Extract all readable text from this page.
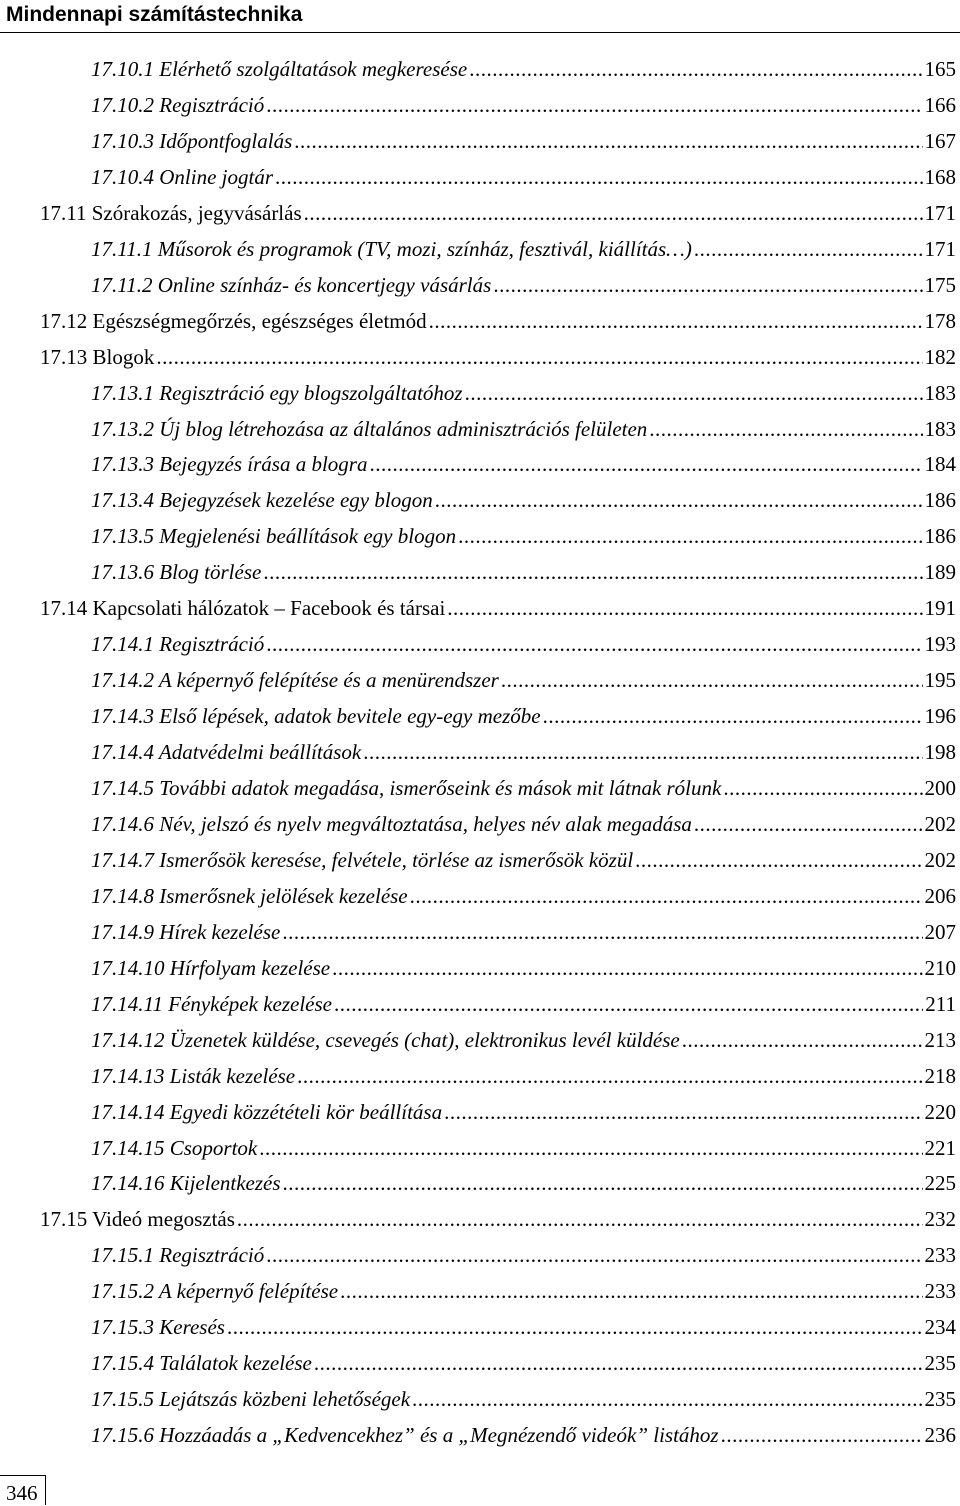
Mindennapi számítástechnika
17.10.1 Elérhető szolgáltatások megkeresése .....	165
17.10.2 Regisztráció .....	166
17.10.3 Időpontfoglalás .....	167
17.10.4 Online jogtár .....	168
17.11 Szórakozás, jegyvásárlás .....	171
17.11.1 Műsorok és programok (TV, mozi, színház, fesztivál, kiállítás…) .....	171
17.11.2 Online színház- és koncertjegy vásárlás .....	175
17.12 Egészségmegőrzés, egészséges életmód .....	178
17.13 Blogok .....	182
17.13.1 Regisztráció egy blogszolgáltatóhoz .....	183
17.13.2 Új blog létrehozása az általános adminisztrációs felületen .....	183
17.13.3 Bejegyzés írása a blogra .....	184
17.13.4 Bejegyzések kezelése egy blogon .....	186
17.13.5 Megjelenési beállítások egy blogon .....	186
17.13.6 Blog törlése .....	189
17.14 Kapcsolati hálózatok – Facebook és társai .....	191
17.14.1 Regisztráció .....	193
17.14.2 A képernyő felépítése és a menürendszer .....	195
17.14.3 Első lépések, adatok bevitele egy-egy mezőbe .....	196
17.14.4 Adatvédelmi beállítások .....	198
17.14.5 További adatok megadása, ismerőseink és mások mit látnak rólunk .....	200
17.14.6 Név, jelszó és nyelv megváltoztatása, helyes név alak megadása .....	202
17.14.7 Ismerősök keresése, felvétele, törlése az ismerősök közül .....	202
17.14.8 Ismerősnek jelölések kezelése .....	206
17.14.9 Hírek kezelése .....	207
17.14.10 Hírfolyam kezelése .....	210
17.14.11 Fényképek kezelése .....	211
17.14.12 Üzenetek küldése, csevegés (chat), elektronikus levél küldése .....	213
17.14.13 Listák kezelése .....	218
17.14.14 Egyedi közzétételi kör beállítása .....	220
17.14.15 Csoportok .....	221
17.14.16 Kijelentkezés .....	225
17.15 Videó megosztás .....	232
17.15.1 Regisztráció .....	233
17.15.2 A képernyő felépítése .....	233
17.15.3 Keresés .....	234
17.15.4 Találatok kezelése .....	235
17.15.5 Lejátszás közbeni lehetőségek .....	235
17.15.6 Hozzáadás a „Kedvencekhez” és a „Megnézendő videók” listához .....	236
346
